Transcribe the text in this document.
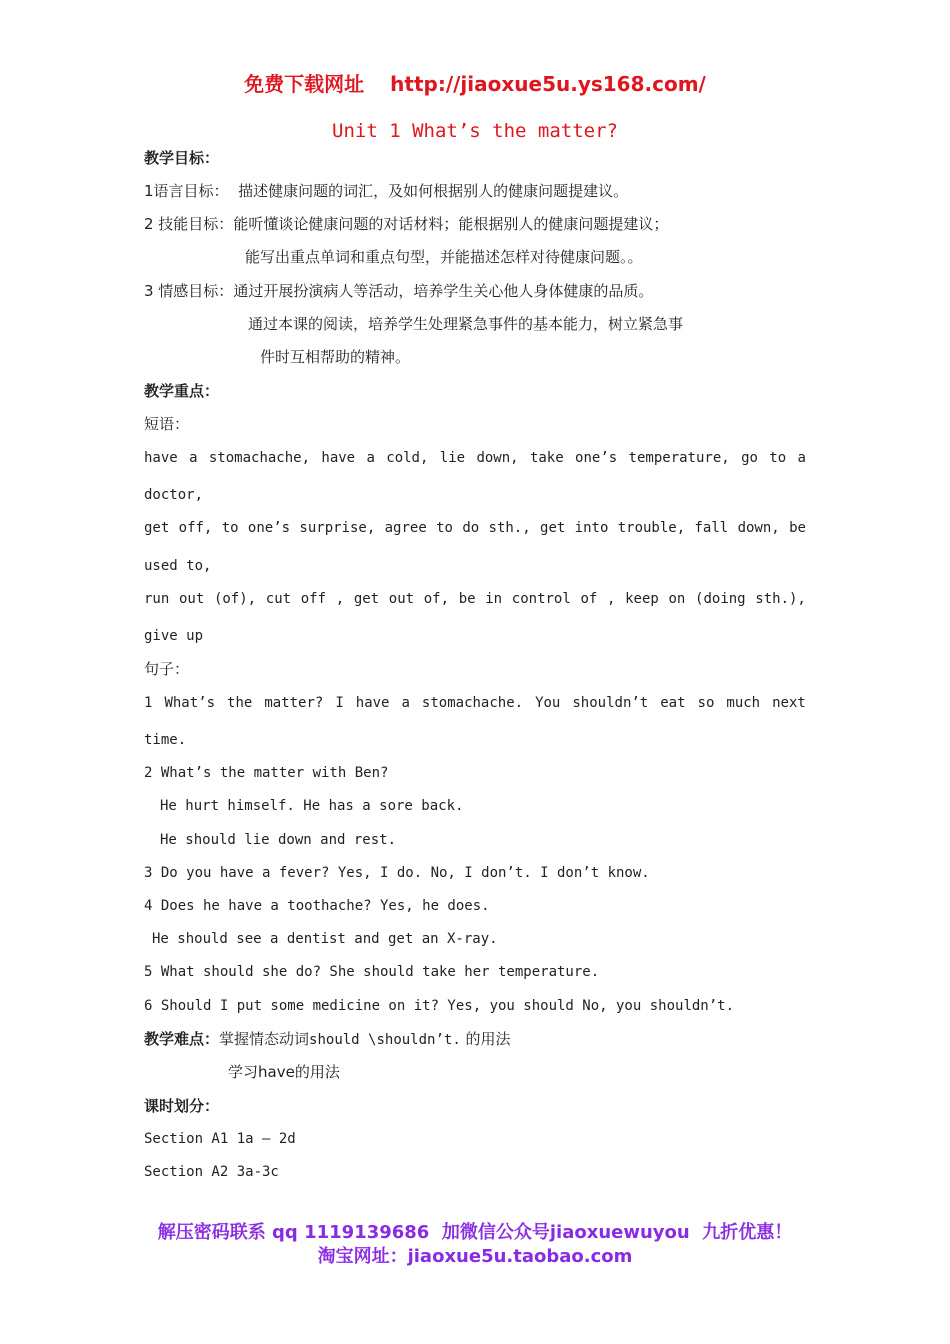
免费下载网址 http://jiaoxue5u.ys168.com/
Unit 1 What’s the matter?
教学目标：
1语言目标： 描述健康问题的词汇，及如何根据别人的健康问题提建议。
2 技能目标：能听懂谈论健康问题的对话材料；能根据别人的健康问题提建议；
能写出重点单词和重点句型，并能描述怎样对待健康问题。。
3 情感目标：通过开展扮演病人等活动，培养学生关心他人身体健康的品质。
通过本课的阅读，培养学生处理紧急事件的基本能力，树立紧急事
件时互相帮助的精神。
教学重点：
短语：
have a stomachache, have a cold, lie down, take one’s temperature, go to a
doctor,
get off, to one’s surprise, agree to do sth., get into trouble, fall down, be
used to,
run out (of), cut off , get out of, be in control of , keep on (doing sth.),
give up
句子：
1 What’s the matter? I have a stomachache. You shouldn’t eat so much next
time.
2 What’s the matter with Ben?
He hurt himself. He has a sore back.
He should lie down and rest.
3 Do you have a fever? Yes, I do. No, I don’t. I don’t know.
4 Does he have a toothache? Yes, he does.
He should see a dentist and get an X-ray.
5 What should she do? She should take her temperature.
6 Should I put some medicine on it? Yes, you should No, you shouldn’t.
教学难点：掌握情态动词should \shouldn’t. 的用法
学习have的用法
课时划分：
Section A1 1a – 2d
Section A2 3a-3c
解压密码联系 qq 1119139686 加微信公众号jiaoxuewuyou 九折优惠！
淘宝网址：jiaoxue5u.taobao.com
